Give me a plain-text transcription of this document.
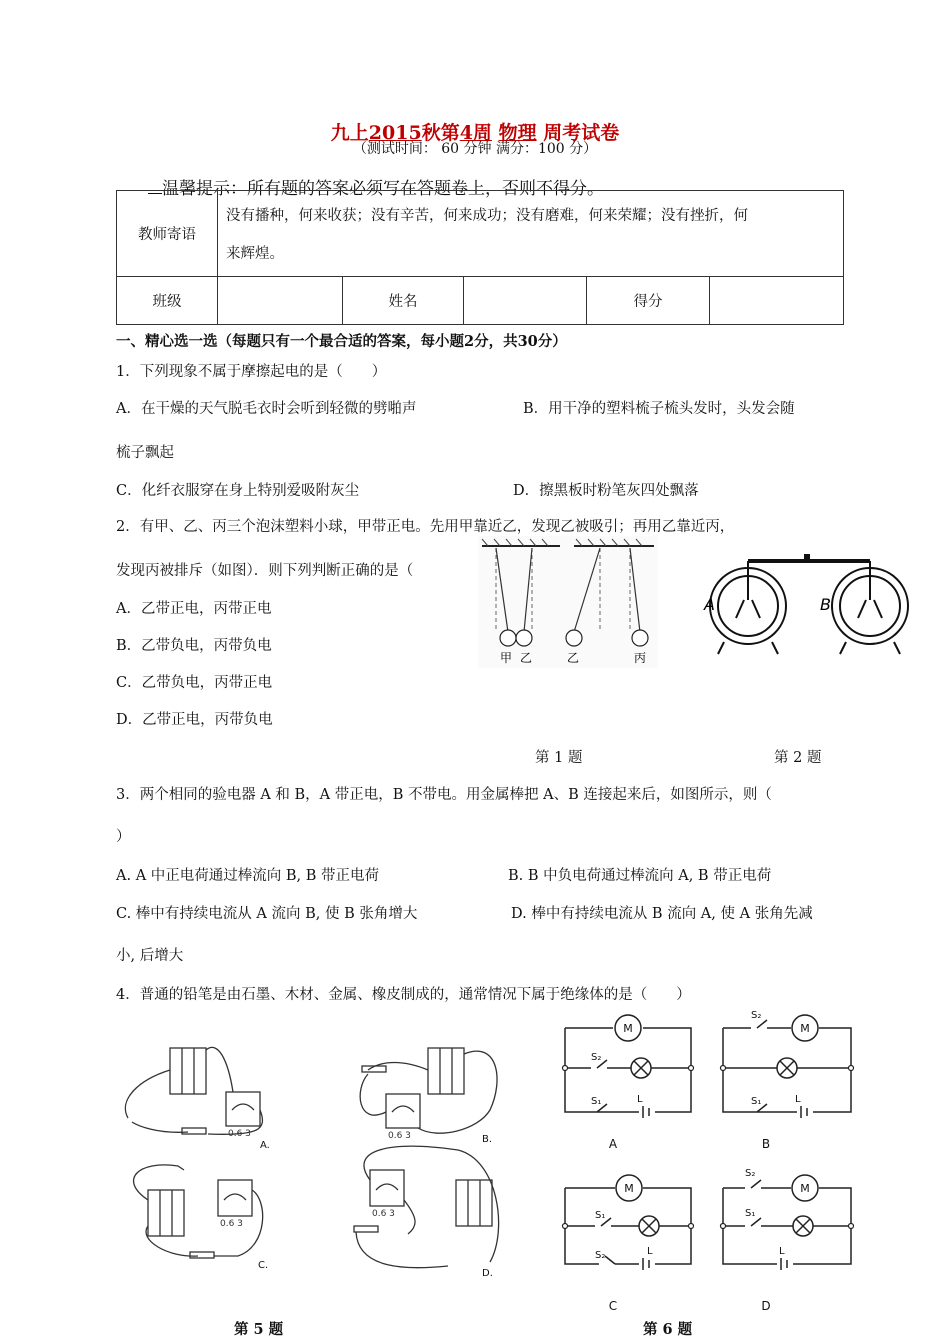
九上2015秋第4周 物理 周考试卷
（测试时间： 60 分钟 满分：100 分）
温馨提示：所有题的答案必须写在答题卷上，否则不得分。
教师寄语	没有播种，何来收获；没有辛苦，何来成功；没有磨难，何来荣耀；没有挫折，何
来辉煌。				

班级		姓名		得分	
一、精心选一选（每题只有一个最合适的答案，每小题2分，共30分）
1．下列现象不属于摩擦起电的是（　　）
A．在干燥的天气脱毛衣时会听到轻微的劈啪声	B．用干净的塑料梳子梳头发时，头发会随
梳子飘起
C．化纤衣服穿在身上特别爱吸附灰尘	D．擦黑板时粉笔灰四处飘落
2．有甲、乙、丙三个泡沫塑料小球，甲带正电。先用甲靠近乙，发现乙被吸引；再用乙靠近丙，
发现丙被排斥（如图）．则下列判断正确的是（
A．乙带正电，丙带正电
B．乙带负电，丙带负电
C．乙带负电，丙带正电
D．乙带正电，丙带负电
甲 乙	乙	丙
A	B
第 1 题	第 2 题
3．两个相同的验电器 A 和 B，A 带正电，B 不带电。用金属棒把 A、B 连接起来后，如图所示，则（
）
A. A 中正电荷通过棒流向 B, B 带正电荷	B. B 中负电荷通过棒流向 A, B 带正电荷
C. 棒中有持续电流从 A 流向 B, 使 B 张角增大	D. 棒中有持续电流从 B 流向 A, 使 A 张角先减
小, 后增大
4．普通的铅笔是由石墨、木材、金属、橡皮制成的，通常情况下属于绝缘体的是（　　）
0.6 3	0.6 3
0.6 3
0.6 3
A.
B.
C.
D.
第 5 题
M	M
M	M
S₂
S₁	L
S₂
S₁	L
S₁
S₂	L
S₂
S₁
L
A	B
C	D
第 6 题
